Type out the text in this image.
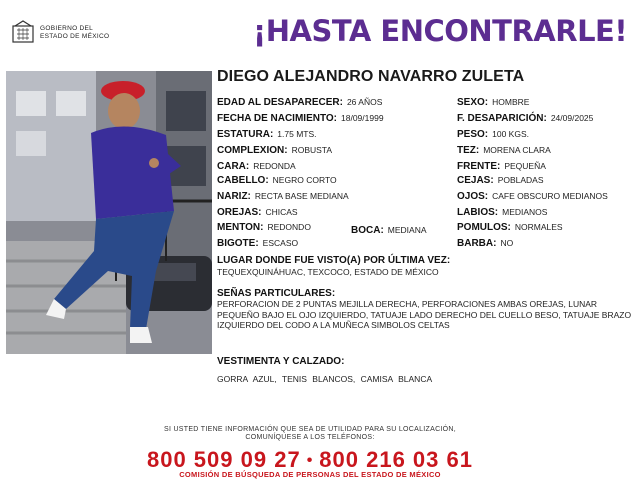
GOBIERNO DEL
ESTADO DE MÉXICO	¡HASTA ENCONTRARLE!
DIEGO ALEJANDRO NAVARRO ZULETA
EDAD AL DESAPARECER: 26 AÑOS
FECHA DE NACIMIENTO: 18/09/1999
ESTATURA: 1.75 MTS.
COMPLEXION: ROBUSTA
CARA: REDONDA
CABELLO: NEGRO CORTO
NARIZ: RECTA BASE MEDIANA
OREJAS: CHICAS
MENTON: REDONDO	BOCA: MEDIANA
BIGOTE: ESCASO
SEXO: HOMBRE
F. DESAPARICIÓN: 24/09/2025
PESO: 100 KGS.
TEZ: MORENA CLARA
FRENTE: PEQUEÑA
CEJAS: POBLADAS
OJOS: CAFE OBSCURO MEDIANOS
LABIOS: MEDIANOS
POMULOS: NORMALES
BARBA: NO
LUGAR DONDE FUE VISTO(A) POR ÚLTIMA VEZ:
TEQUEXQUINÁHUAC, TEXCOCO, ESTADO DE MÉXICO
SEÑAS PARTICULARES:
PERFORACION DE 2 PUNTAS MEJILLA DERECHA, PERFORACIONES AMBAS OREJAS, LUNAR PEQUEÑO BAJO EL OJO IZQUIERDO, TATUAJE LADO DERECHO DEL CUELLO BESO, TATUAJE BRAZO IZQUIERDO DEL CODO A LA MUÑECA SIMBOLOS CELTAS
VESTIMENTA Y CALZADO:
GORRA AZUL, TENIS BLANCOS, CAMISA BLANCA
SI USTED TIENE INFORMACIÓN QUE SEA DE UTILIDAD PARA SU LOCALIZACIÓN,
COMUNÍQUESE A LOS TELÉFONOS:
800 509 09 27 • 800 216 03 61
COMISIÓN DE BÚSQUEDA DE PERSONAS DEL ESTADO DE MÉXICO
